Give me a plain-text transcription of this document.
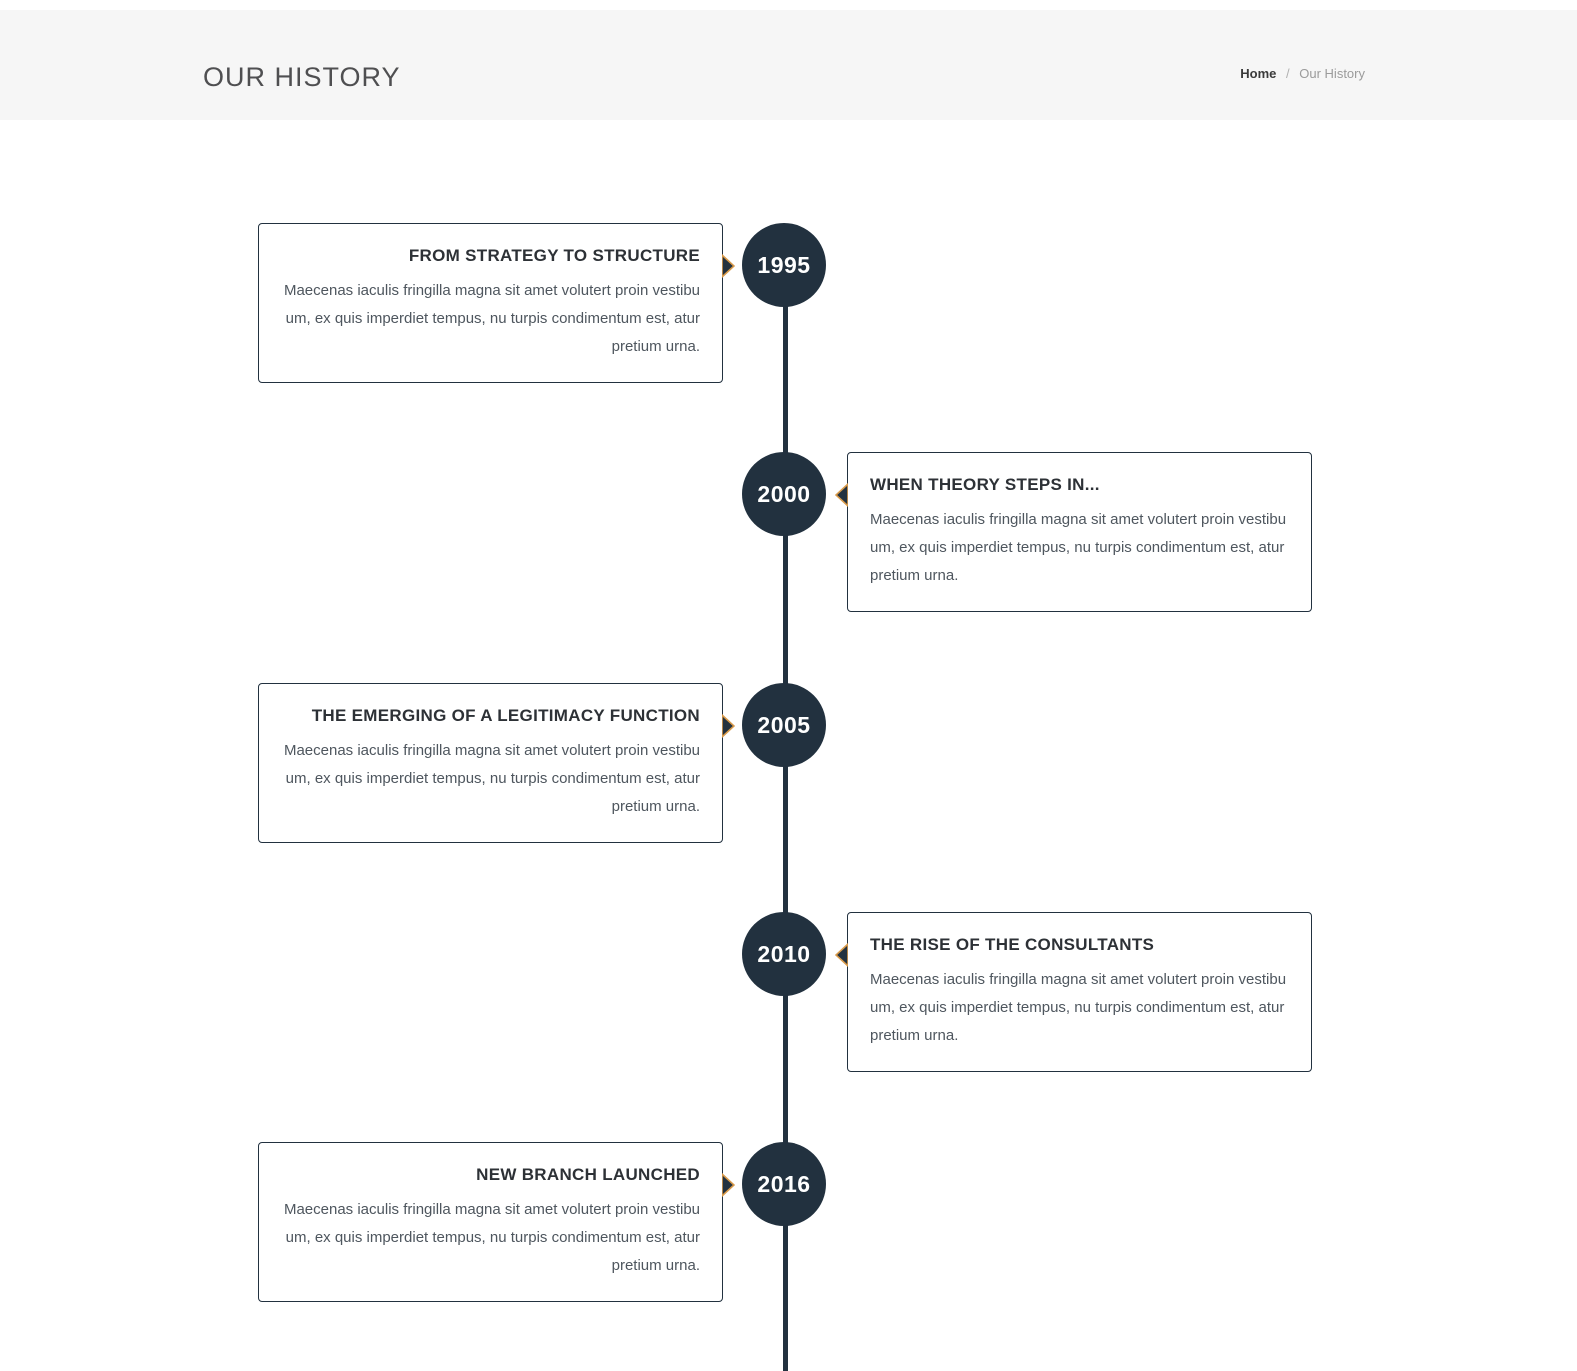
OUR HISTORY	Home / Our History
FROM STRATEGY TO STRUCTURE

Maecenas iaculis fringilla magna sit amet volutert proin vestibu um, ex quis imperdiet tempus, nu turpis condimentum est, atur pretium urna.

1995
WHEN THEORY STEPS IN...

Maecenas iaculis fringilla magna sit amet volutert proin vestibu um, ex quis imperdiet tempus, nu turpis condimentum est, atur pretium urna.

2000
THE EMERGING OF A LEGITIMACY FUNCTION

Maecenas iaculis fringilla magna sit amet volutert proin vestibu um, ex quis imperdiet tempus, nu turpis condimentum est, atur pretium urna.

2005
THE RISE OF THE CONSULTANTS

Maecenas iaculis fringilla magna sit amet volutert proin vestibu um, ex quis imperdiet tempus, nu turpis condimentum est, atur pretium urna.

2010
NEW BRANCH LAUNCHED

Maecenas iaculis fringilla magna sit amet volutert proin vestibu um, ex quis imperdiet tempus, nu turpis condimentum est, atur pretium urna.

2016
